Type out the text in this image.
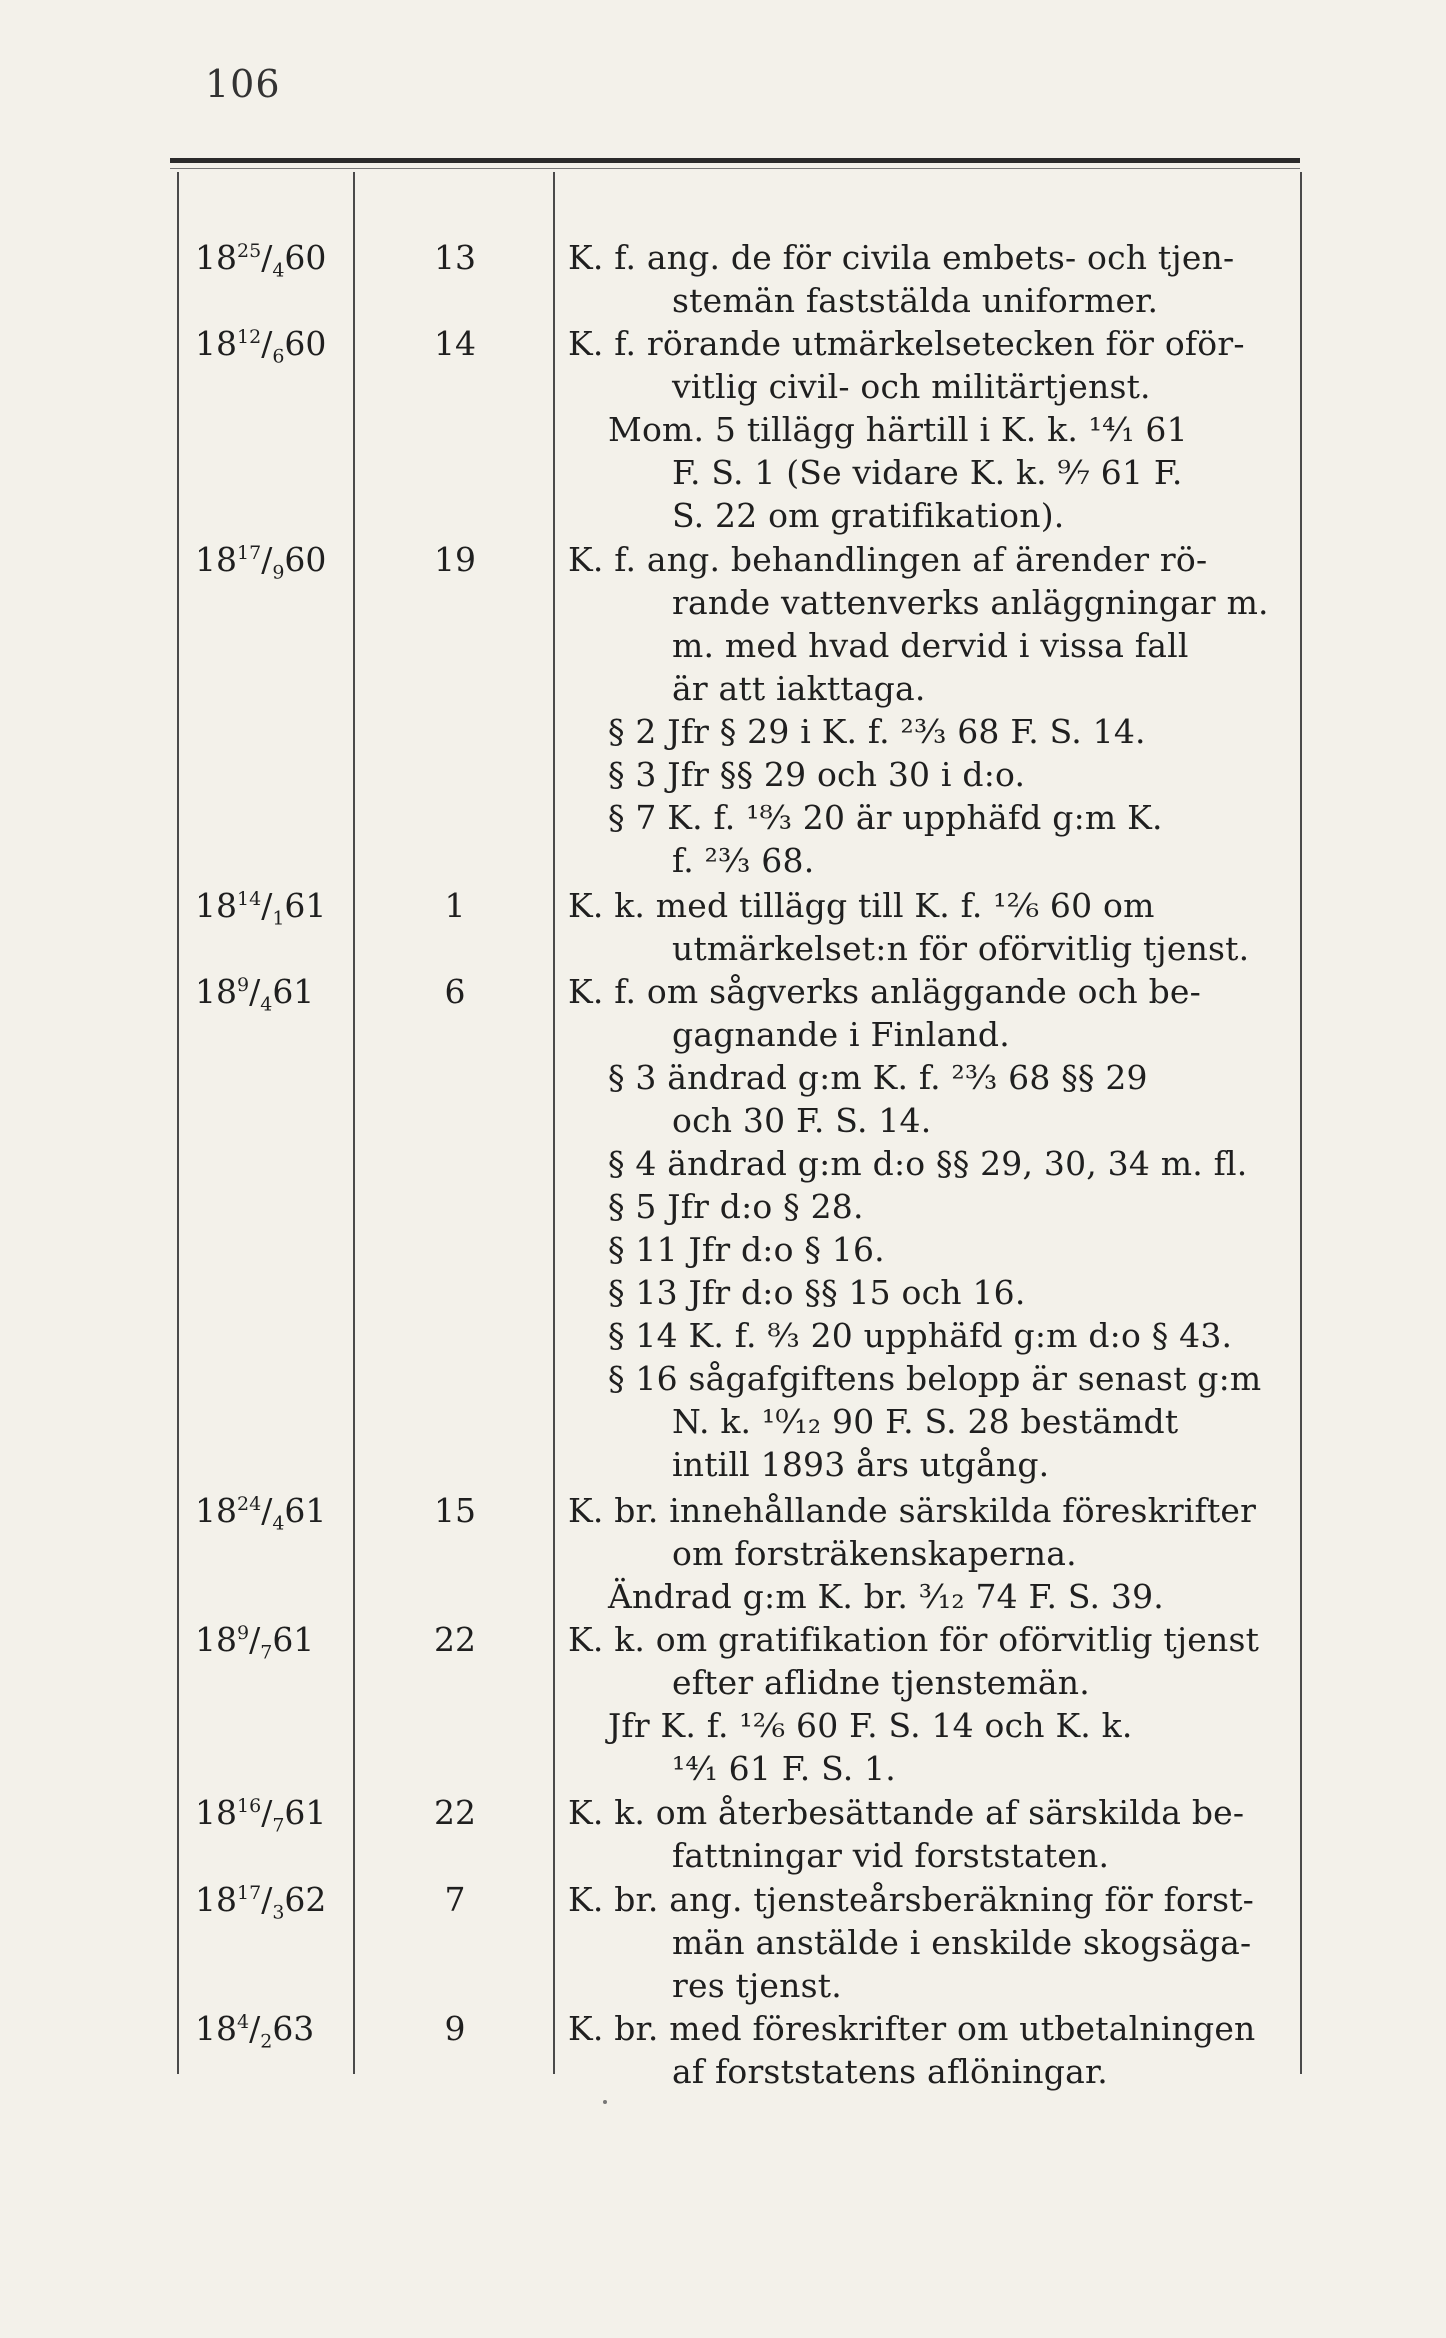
106
$18^{25}/_460$	13	K. f. ang. de för civila embets- och tjen-
stemän faststälda uniformer.
$18^{12}/_660$	14	K. f. rörande utmärkelsetecken för oför-
vitlig civil- och militärtjenst.
Mom. 5 tillägg härtill i K. k. ¹⁴⁄₁ 61
F. S. 1 (Se vidare K. k. ⁹⁄₇ 61 F.
S. 22 om gratifikation).
$18^{17}/_960$	19	K. f. ang. behandlingen af ärender rö-
rande vattenverks anläggningar m.
m. med hvad dervid i vissa fall
är att iakttaga.
§ 2 Jfr § 29 i K. f. ²³⁄₃ 68 F. S. 14.
§ 3 Jfr §§ 29 och 30 i d:o.
§ 7 K. f. ¹⁸⁄₃ 20 är upphäfd g:m K.
f. ²³⁄₃ 68.
$18^{14}/_161$	1	K. k. med tillägg till K. f. ¹²⁄₆ 60 om
utmärkelset:n för oförvitlig tjenst.
$18^9/_461$	6	K. f. om sågverks anläggande och be-
gagnande i Finland.
§ 3 ändrad g:m K. f. ²³⁄₃ 68 §§ 29
och 30 F. S. 14.
§ 4 ändrad g:m d:o §§ 29, 30, 34 m. fl.
§ 5 Jfr d:o § 28.
§ 11 Jfr d:o § 16.
§ 13 Jfr d:o §§ 15 och 16.
§ 14 K. f. ⁸⁄₃ 20 upphäfd g:m d:o § 43.
§ 16 sågafgiftens belopp är senast g:m
N. k. ¹⁰⁄₁₂ 90 F. S. 28 bestämdt
intill 1893 års utgång.
$18^{24}/_461$	15	K. br. innehållande särskilda föreskrifter
om forsträkenskaperna.
Ändrad g:m K. br. ³⁄₁₂ 74 F. S. 39.
$18^9/_761$	22	K. k. om gratifikation för oförvitlig tjenst
efter aflidne tjenstemän.
Jfr K. f. ¹²⁄₆ 60 F. S. 14 och K. k.
¹⁴⁄₁ 61 F. S. 1.
$18^{16}/_761$	22	K. k. om återbesättande af särskilda be-
fattningar vid forststaten.
$18^{17}/_362$	7	K. br. ang. tjensteårsberäkning för forst-
män anstälde i enskilde skogsäga-
res tjenst.
$18^4/_263$	9	K. br. med föreskrifter om utbetalningen
af forststatens aflöningar.
